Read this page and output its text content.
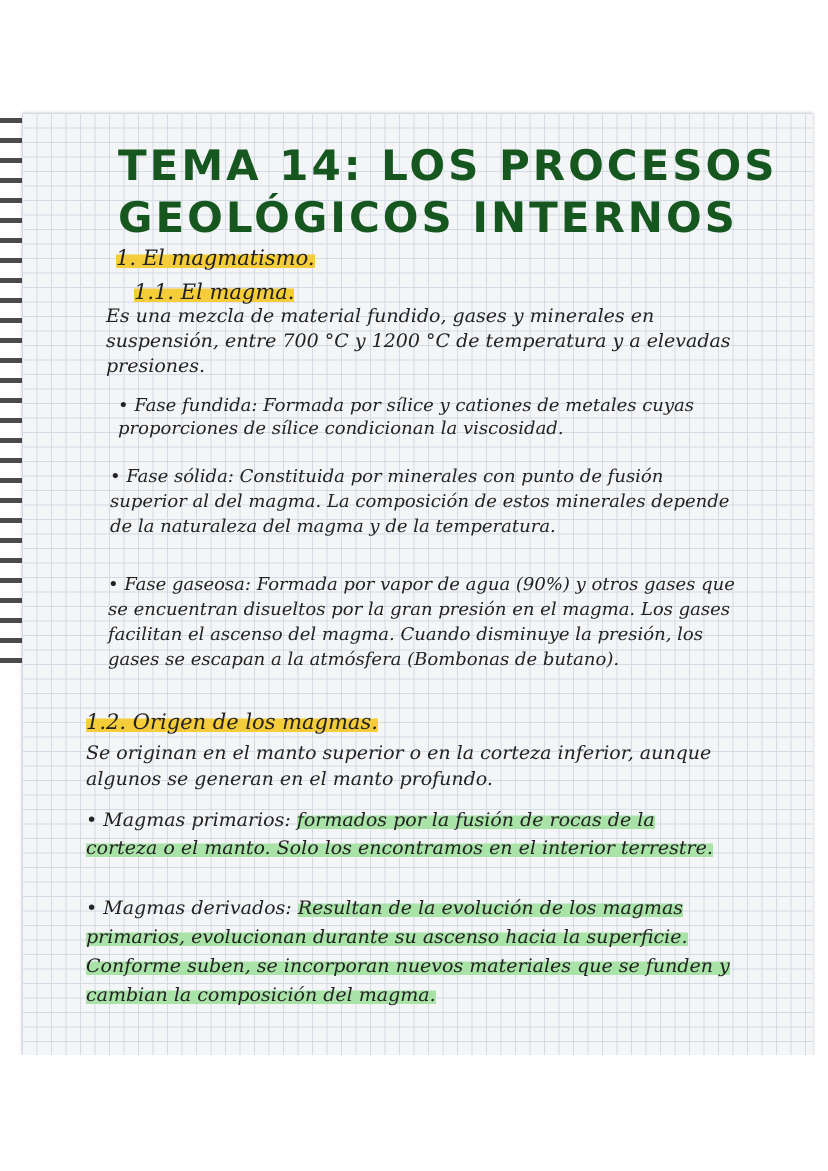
TEMA 14: LOS PROCESOS
GEOLÓGICOS INTERNOS
1. El magmatismo.
1.1. El magma.
Es una mezcla de material fundido, gases y minerales en suspensión, entre 700 °C y 1200 °C de temperatura y a elevadas presiones.
• Fase fundida: Formada por sílice y cationes de metales cuyas proporciones de sílice condicionan la viscosidad.
• Fase sólida: Constituida por minerales con punto de fusión superior al del magma. La composición de estos minerales depende de la naturaleza del magma y de la temperatura.
• Fase gaseosa: Formada por vapor de agua (90%) y otros gases que se encuentran disueltos por la gran presión en el magma. Los gases facilitan el ascenso del magma. Cuando disminuye la presión, los gases se escapan a la atmósfera (Bombonas de butano).
1.2. Origen de los magmas.
Se originan en el manto superior o en la corteza inferior, aunque algunos se generan en el manto profundo.
• Magmas primarios: formados por la fusión de rocas de la corteza o el manto. Solo los encontramos en el interior terrestre.
• Magmas derivados: Resultan de la evolución de los magmas primarios, evolucionan durante su ascenso hacia la superficie. Conforme suben, se incorporan nuevos materiales que se funden y cambian la composición del magma.
